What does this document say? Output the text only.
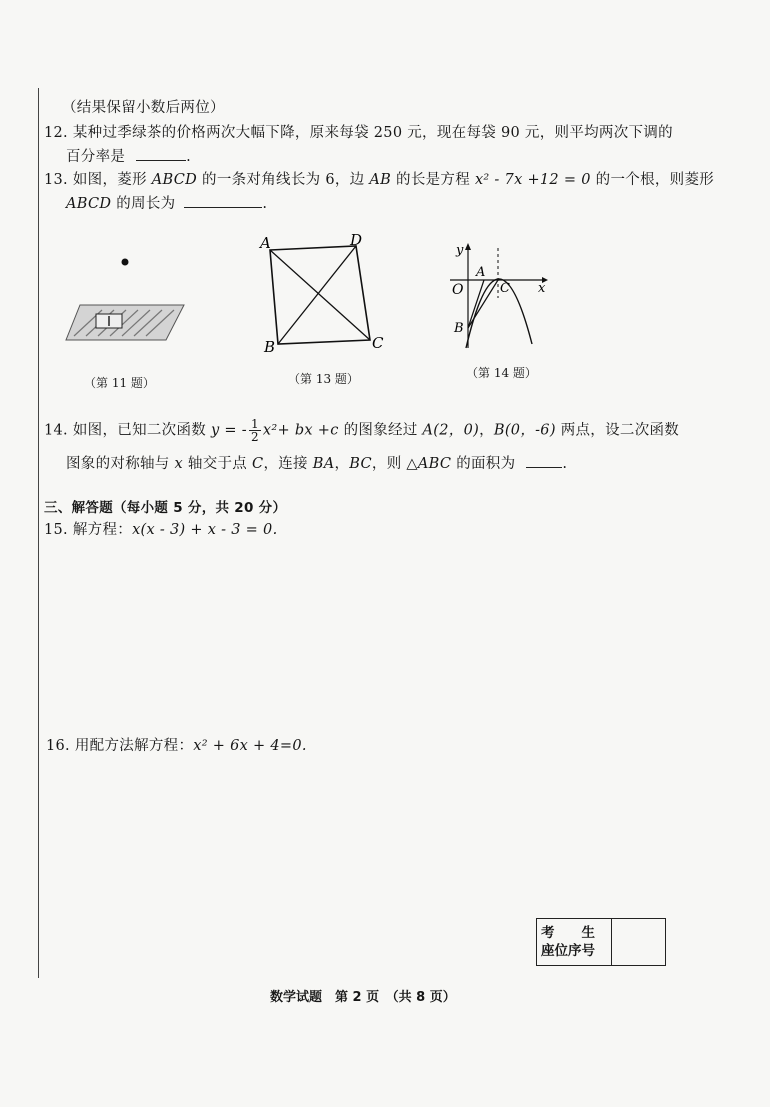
（结果保留小数后两位）
12. 某种过季绿茶的价格两次大幅下降，原来每袋 250 元，现在每袋 90 元，则平均两次下调的
百分率是	.
13. 如图，菱形 ABCD 的一条对角线长为 6，边 AB 的长是方程 x² - 7x +12 = 0 的一个根，则菱形
ABCD 的周长为	.
（第 11 题）
A	D
B	C
（第 13 题）
y
x
O
A
C
B
（第 14 题）
14. 如图，已知二次函数 y = - $\frac{1}{2} x^2+$ bx +c 的图象经过 A(2，0)，B(0，-6) 两点，设二次函数
图象的对称轴与 x 轴交于点 C，连接 BA，BC，则 △ABC 的面积为	.
三、解答题（每小题 5 分，共 20 分）
15. 解方程：x(x - 3) + x - 3 = 0.
16. 用配方法解方程：x² + 6x + 4=0.
考　　生
座位序号
数学试题　第 2 页　（共 8 页）
